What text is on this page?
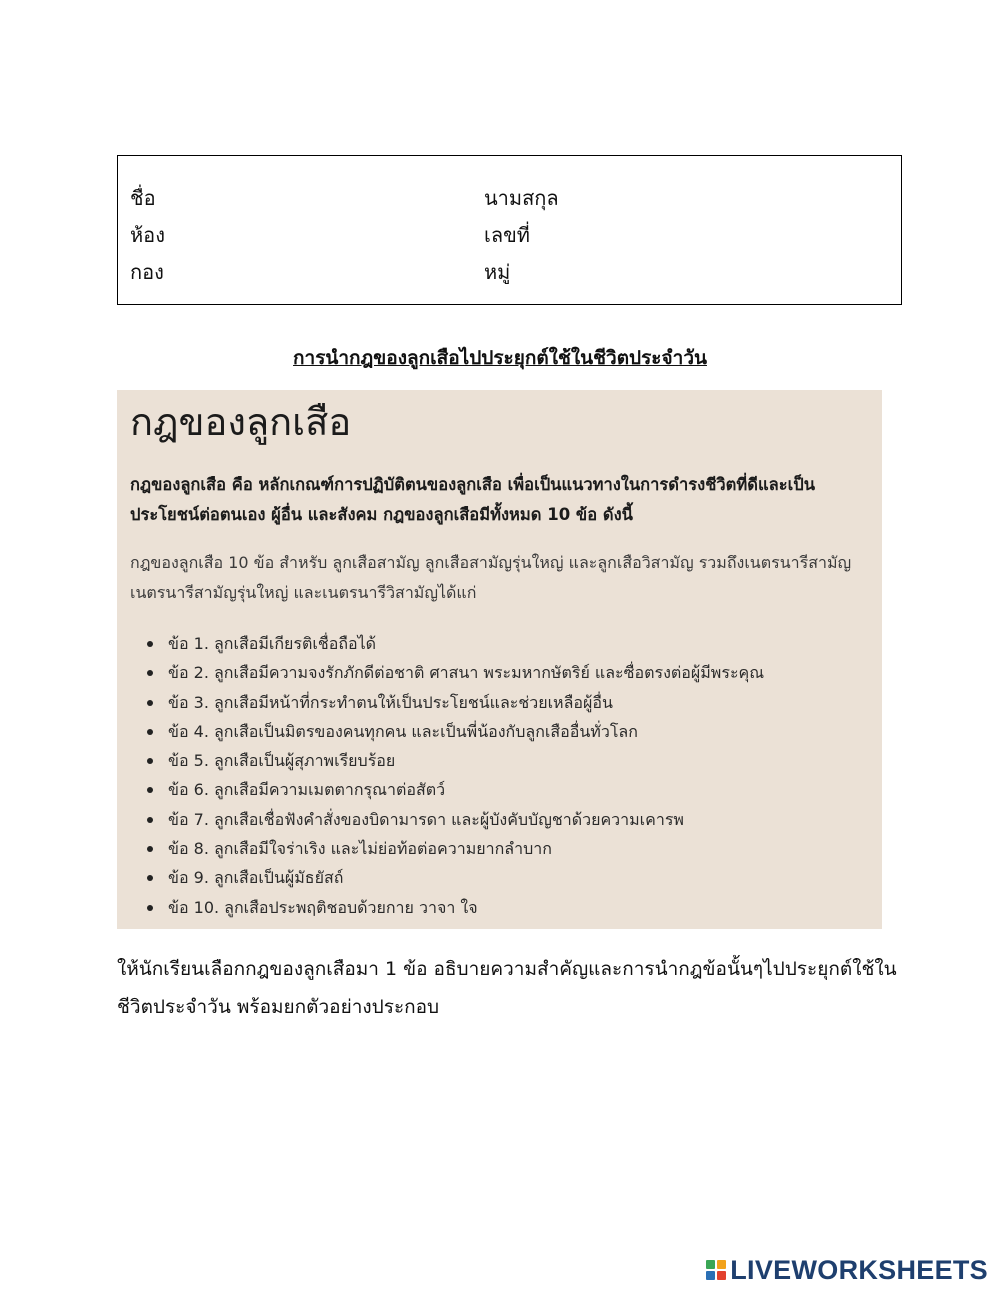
ชื่อ	นามสกุล
ห้อง	เลขที่
กอง	หมู่
การนำกฎของลูกเสือไปประยุกต์ใช้ในชีวิตประจำวัน
กฎของลูกเสือ

กฎของลูกเสือ คือ หลักเกณฑ์การปฏิบัติตนของลูกเสือ เพื่อเป็นแนวทางในการดำรงชีวิตที่ดีและเป็นประโยชน์ต่อตนเอง ผู้อื่น และสังคม กฎของลูกเสือมีทั้งหมด 10 ข้อ ดังนี้

กฎของลูกเสือ 10 ข้อ สำหรับ ลูกเสือสามัญ ลูกเสือสามัญรุ่นใหญ่ และลูกเสือวิสามัญ รวมถึงเนตรนารีสามัญ เนตรนารีสามัญรุ่นใหญ่ และเนตรนารีวิสามัญได้แก่

ข้อ 1. ลูกเสือมีเกียรติเชื่อถือได้
ข้อ 2. ลูกเสือมีความจงรักภักดีต่อชาติ ศาสนา พระมหากษัตริย์ และซื่อตรงต่อผู้มีพระคุณ
ข้อ 3. ลูกเสือมีหน้าที่กระทำตนให้เป็นประโยชน์และช่วยเหลือผู้อื่น
ข้อ 4. ลูกเสือเป็นมิตรของคนทุกคน และเป็นพี่น้องกับลูกเสืออื่นทั่วโลก
ข้อ 5. ลูกเสือเป็นผู้สุภาพเรียบร้อย
ข้อ 6. ลูกเสือมีความเมตตากรุณาต่อสัตว์
ข้อ 7. ลูกเสือเชื่อฟังคำสั่งของบิดามารดา และผู้บังคับบัญชาด้วยความเคารพ
ข้อ 8. ลูกเสือมีใจร่าเริง และไม่ย่อท้อต่อความยากลำบาก
ข้อ 9. ลูกเสือเป็นผู้มัธยัสถ์
ข้อ 10. ลูกเสือประพฤติชอบด้วยกาย วาจา ใจ

ให้นักเรียนเลือกกฎของลูกเสือมา 1 ข้อ อธิบายความสำคัญและการนำกฎข้อนั้นๆไปประยุกต์ใช้ในชีวิตประจำวัน พร้อมยกตัวอย่างประกอบ

LIVEWORKSHEETS
